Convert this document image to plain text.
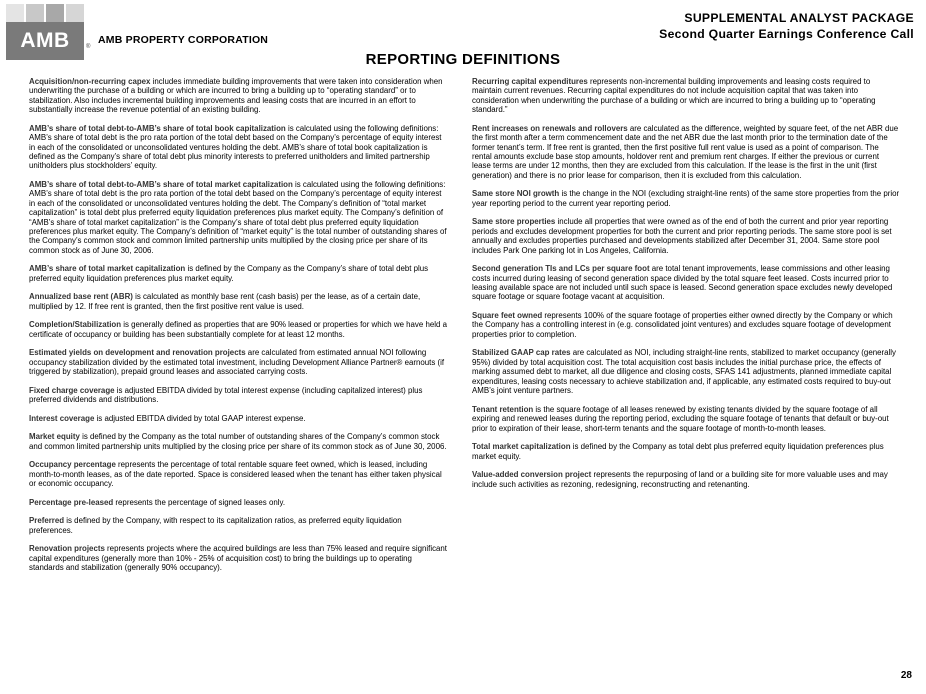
AMB	®
AMB PROPERTY CORPORATION
SUPPLEMENTAL ANALYST PACKAGE
Second Quarter Earnings Conference Call
REPORTING DEFINITIONS

Acquisition/non-recurring capex includes immediate building improvements that were taken into consideration when underwriting the purchase of a building or which are incurred to bring a building up to “operating standard” or to stabilization. Also includes incremental building improvements and leasing costs that are incurred in an effort to substantially increase the revenue potential of an existing building.

AMB’s share of total debt-to-AMB’s share of total book capitalization is calculated using the following definitions: AMB’s share of total debt is the pro rata portion of the total debt based on the Company’s percentage of equity interest in each of the consolidated or unconsolidated ventures holding the debt. AMB’s share of total book capitalization is defined as the Company’s share of total debt plus minority interests to preferred unitholders and limited partnership unitholders plus stockholders’ equity.

AMB’s share of total debt-to-AMB’s share of total market capitalization is calculated using the following definitions: AMB’s share of total debt is the pro rata portion of the total debt based on the Company’s percentage of equity interest in each of the consolidated or unconsolidated ventures holding the debt. The Company’s definition of “total market capitalization” is total debt plus preferred equity liquidation preferences plus market equity. The Company’s definition of “AMB’s share of total market capitalization” is the Company’s share of total debt plus preferred equity liquidation preferences plus market equity. The Company’s definition of “market equity” is the total number of outstanding shares of the Company’s common stock and common limited partnership units multiplied by the closing price per share of its common stock as of June 30, 2006.

AMB’s share of total market capitalization is defined by the Company as the Company’s share of total debt plus preferred equity liquidation preferences plus market equity.

Annualized base rent (ABR) is calculated as monthly base rent (cash basis) per the lease, as of a certain date, multiplied by 12. If free rent is granted, then the first positive rent value is used.

Completion/Stabilization is generally defined as properties that are 90% leased or properties for which we have held a certificate of occupancy or building has been substantially complete for at least 12 months.

Estimated yields on development and renovation projects are calculated from estimated annual NOI following occupancy stabilization divided by the estimated total investment, including Development Alliance Partner® earnouts (if triggered by stabilization), prepaid ground leases and associated carrying costs.

Fixed charge coverage is adjusted EBITDA divided by total interest expense (including capitalized interest) plus preferred dividends and distributions.

Interest coverage is adjusted EBITDA divided by total GAAP interest expense.

Market equity is defined by the Company as the total number of outstanding shares of the Company’s common stock and common limited partnership units multiplied by the closing price per share of its common stock as of June 30, 2006.

Occupancy percentage represents the percentage of total rentable square feet owned, which is leased, including month-to-month leases, as of the date reported. Space is considered leased when the tenant has either taken physical or economic occupancy.

Percentage pre-leased represents the percentage of signed leases only.

Preferred is defined by the Company, with respect to its capitalization ratios, as preferred equity liquidation preferences.

Renovation projects represents projects where the acquired buildings are less than 75% leased and require significant capital expenditures (generally more than 10% - 25% of acquisition cost) to bring the buildings up to operating standards and stabilization (generally 90% occupancy).

Recurring capital expenditures represents non-incremental building improvements and leasing costs required to maintain current revenues. Recurring capital expenditures do not include acquisition capital that was taken into consideration when underwriting the purchase of a building or which are incurred to bring a building up to “operating standard.”

Rent increases on renewals and rollovers are calculated as the difference, weighted by square feet, of the net ABR due the first month after a term commencement date and the net ABR due the last month prior to the termination date of the former tenant’s term. If free rent is granted, then the first positive full rent value is used as a point of comparison. The rental amounts exclude base stop amounts, holdover rent and premium rent charges. If either the previous or current lease terms are under 12 months, then they are excluded from this calculation. If the lease is the first in the unit (first generation) and there is no prior lease for comparison, then it is excluded from this calculation.

Same store NOI growth is the change in the NOI (excluding straight-line rents) of the same store properties from the prior year reporting period to the current year reporting period.

Same store properties include all properties that were owned as of the end of both the current and prior year reporting periods and excludes development properties for both the current and prior reporting periods. The same store pool is set annually and excludes properties purchased and developments stabilized after December 31, 2004. Same store pool includes Park One parking lot in Los Angeles, California.

Second generation TIs and LCs per square foot are total tenant improvements, lease commissions and other leasing costs incurred during leasing of second generation space divided by the total square feet leased. Costs incurred prior to leasing available space are not included until such space is leased. Second generation space excludes newly developed square footage or square footage vacant at acquisition.

Square feet owned represents 100% of the square footage of properties either owned directly by the Company or which the Company has a controlling interest in (e.g. consolidated joint ventures) and excludes square footage of development properties prior to completion.

Stabilized GAAP cap rates are calculated as NOI, including straight-line rents, stabilized to market occupancy (generally 95%) divided by total acquisition cost. The total acquisition cost basis includes the initial purchase price, the effects of marking assumed debt to market, all due diligence and closing costs, SFAS 141 adjustments, planned immediate capital expenditures, leasing costs necessary to achieve stabilization and, if applicable, any estimated costs required to buy-out AMB’s joint venture partners.

Tenant retention is the square footage of all leases renewed by existing tenants divided by the square footage of all expiring and renewed leases during the reporting period, excluding the square footage of tenants that default or buy-out prior to expiration of their lease, short-term tenants and the square footage of month-to-month leases.

Total market capitalization is defined by the Company as total debt plus preferred equity liquidation preferences plus market equity.

Value-added conversion project represents the repurposing of land or a building site for more valuable uses and may include such activities as rezoning, redesigning, reconstructing and retenanting.

28
